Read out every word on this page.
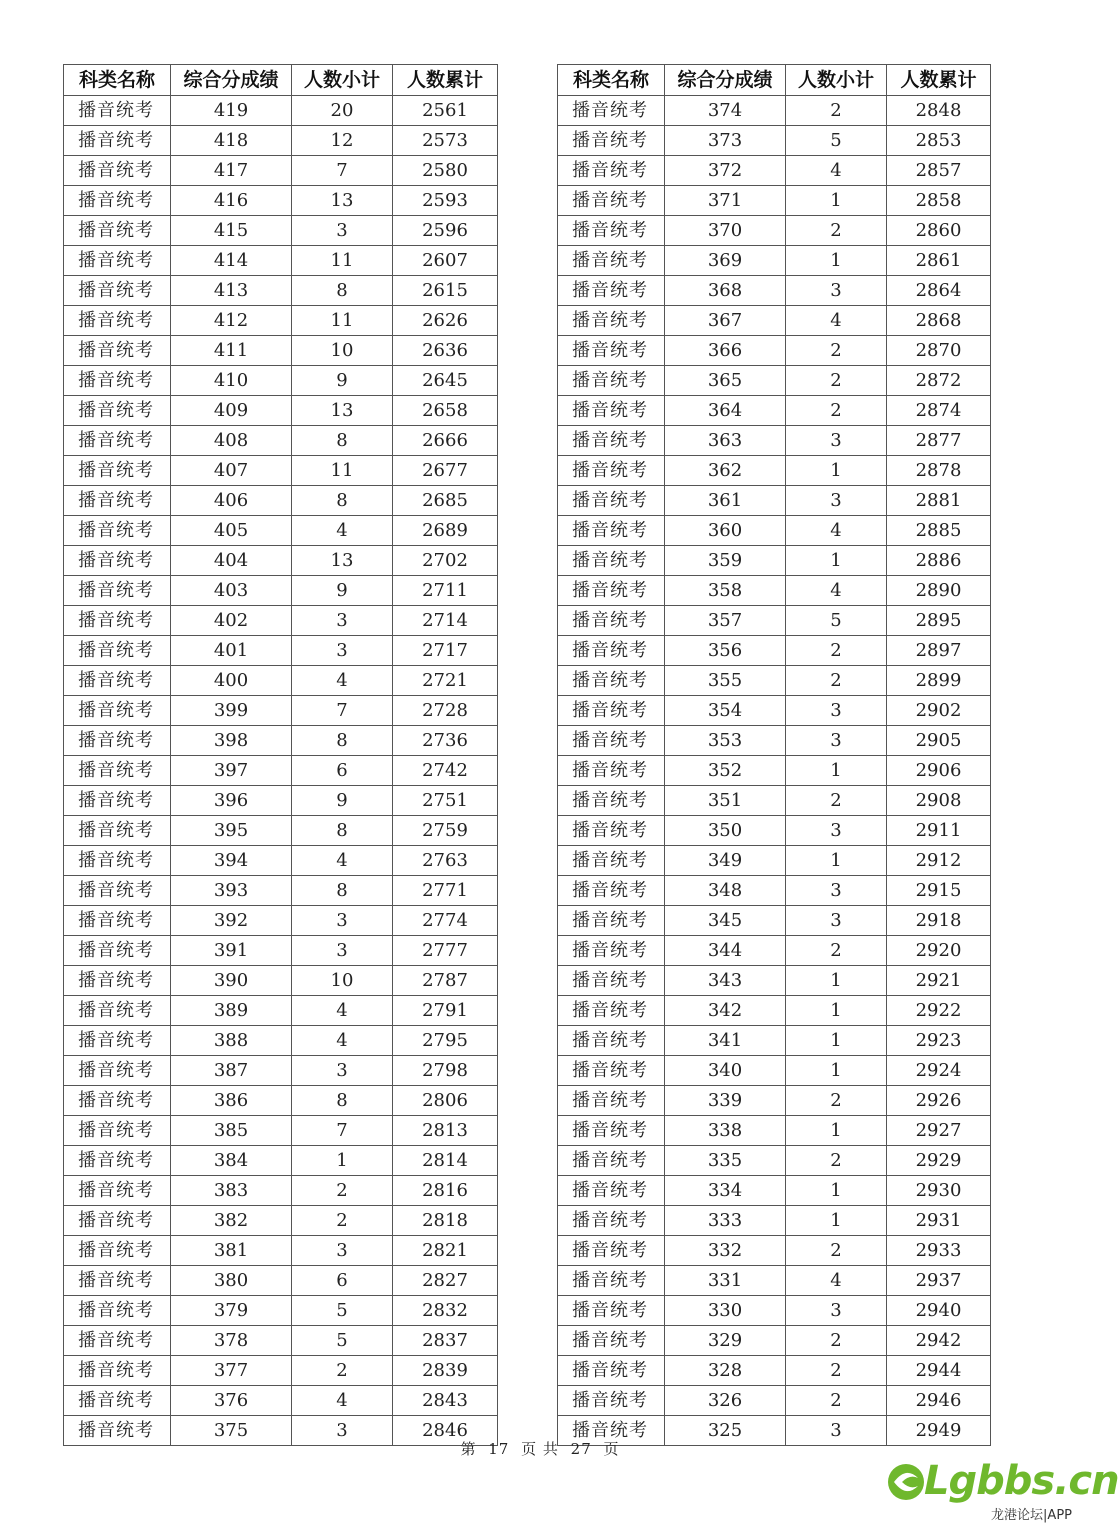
科类名称	综合分成绩	人数小计	人数累计
播音统考	419	20	2561
播音统考	418	12	2573
播音统考	417	7	2580
播音统考	416	13	2593
播音统考	415	3	2596
播音统考	414	11	2607
播音统考	413	8	2615
播音统考	412	11	2626
播音统考	411	10	2636
播音统考	410	9	2645
播音统考	409	13	2658
播音统考	408	8	2666
播音统考	407	11	2677
播音统考	406	8	2685
播音统考	405	4	2689
播音统考	404	13	2702
播音统考	403	9	2711
播音统考	402	3	2714
播音统考	401	3	2717
播音统考	400	4	2721
播音统考	399	7	2728
播音统考	398	8	2736
播音统考	397	6	2742
播音统考	396	9	2751
播音统考	395	8	2759
播音统考	394	4	2763
播音统考	393	8	2771
播音统考	392	3	2774
播音统考	391	3	2777
播音统考	390	10	2787
播音统考	389	4	2791
播音统考	388	4	2795
播音统考	387	3	2798
播音统考	386	8	2806
播音统考	385	7	2813
播音统考	384	1	2814
播音统考	383	2	2816
播音统考	382	2	2818
播音统考	381	3	2821
播音统考	380	6	2827
播音统考	379	5	2832
播音统考	378	5	2837
播音统考	377	2	2839
播音统考	376	4	2843
播音统考	375	3	2846
科类名称	综合分成绩	人数小计	人数累计
播音统考	374	2	2848
播音统考	373	5	2853
播音统考	372	4	2857
播音统考	371	1	2858
播音统考	370	2	2860
播音统考	369	1	2861
播音统考	368	3	2864
播音统考	367	4	2868
播音统考	366	2	2870
播音统考	365	2	2872
播音统考	364	2	2874
播音统考	363	3	2877
播音统考	362	1	2878
播音统考	361	3	2881
播音统考	360	4	2885
播音统考	359	1	2886
播音统考	358	4	2890
播音统考	357	5	2895
播音统考	356	2	2897
播音统考	355	2	2899
播音统考	354	3	2902
播音统考	353	3	2905
播音统考	352	1	2906
播音统考	351	2	2908
播音统考	350	3	2911
播音统考	349	1	2912
播音统考	348	3	2915
播音统考	345	3	2918
播音统考	344	2	2920
播音统考	343	1	2921
播音统考	342	1	2922
播音统考	341	1	2923
播音统考	340	1	2924
播音统考	339	2	2926
播音统考	338	1	2927
播音统考	335	2	2929
播音统考	334	1	2930
播音统考	333	1	2931
播音统考	332	2	2933
播音统考	331	4	2937
播音统考	330	3	2940
播音统考	329	2	2942
播音统考	328	2	2944
播音统考	326	2	2946
播音统考	325	3	2949
第 17 页 共 27 页
Lgbbs.cn
龙港论坛|APP
